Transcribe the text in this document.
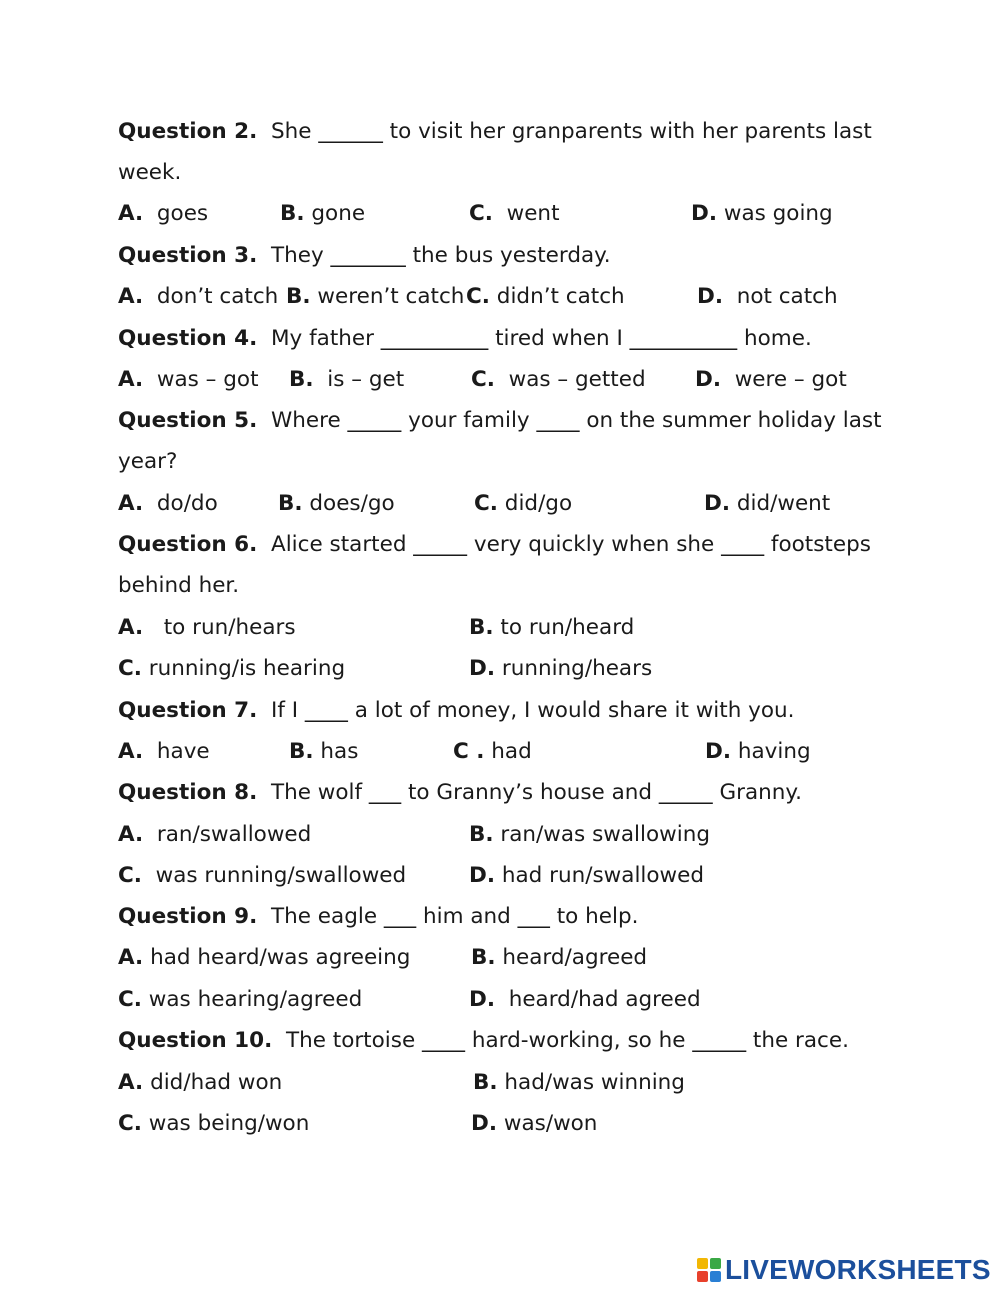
Question 2. She ______ to visit her granparents with her parents last
week.
A. goes	B. gone	C. went	D. was going
Question 3. They _______ the bus yesterday.
A. don’t catch B. weren’t catch C. didn’t catch	D. not catch
Question 4. My father __________ tired when I __________ home.
A. was – got B. is – get	C. was – getted D. were – got
Question 5. Where _____ your family ____ on the summer holiday last
year?
A. do/do	B. does/go	C. did/go	D. did/went
Question 6. Alice started _____ very quickly when she ____ footsteps
behind her.
A. to run/hears	B. to run/heard
C. running/is hearing	D. running/hears
Question 7. If I ____ a lot of money, I would share it with you.
A. have	B. has	C . had	D. having
Question 8. The wolf ___ to Granny’s house and _____ Granny.
A. ran/swallowed	B. ran/was swallowing
C. was running/swallowed	D. had run/swallowed
Question 9. The eagle ___ him and ___ to help.
A. had heard/was agreeing	B. heard/agreed
C. was hearing/agreed	D. heard/had agreed
Question 10. The tortoise ____ hard-working, so he _____ the race.
A. did/had won	B. had/was winning
C. was being/won	D. was/won
LIVEWORKSHEETS
